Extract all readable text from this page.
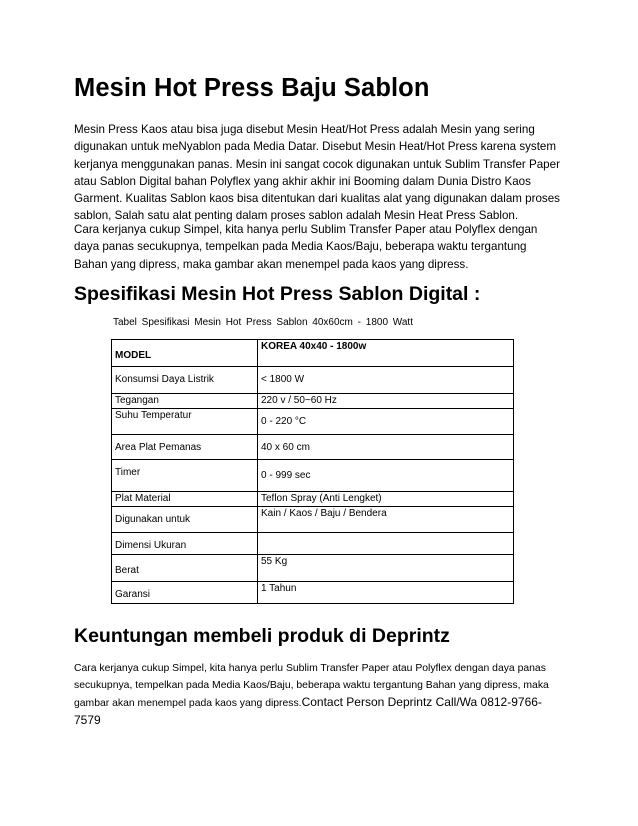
Mesin Hot Press Baju Sablon

Mesin Press Kaos atau bisa juga disebut Mesin Heat/Hot Press adalah Mesin yang sering digunakan untuk meNyablon pada Media Datar. Disebut Mesin Heat/Hot Press karena system kerjanya menggunakan panas. Mesin ini sangat cocok digunakan untuk Sublim Transfer Paper atau Sablon Digital bahan Polyflex yang akhir akhir ini Booming dalam Dunia Distro Kaos Garment. Kualitas Sablon kaos bisa ditentukan dari kualitas alat yang digunakan dalam proses sablon, Salah satu alat penting dalam proses sablon adalah Mesin Heat Press Sablon.

Cara kerjanya cukup Simpel, kita hanya perlu Sublim Transfer Paper atau Polyflex dengan daya panas secukupnya, tempelkan pada Media Kaos/Baju, beberapa waktu tergantung Bahan yang dipress, maka gambar akan menempel pada kaos yang dipress.

Spesifikasi Mesin Hot Press Sablon Digital :
Tabel Spesifikasi Mesin Hot Press Sablon 40x60cm - 1800 Watt
MODEL	KOREA 40x40 - 1800w

Konsumsi Daya Listrik	< 1800 W

Tegangan	220 v / 50~60 Hz
Suhu Temperatur	0 - 220 °C

Area Plat Pemanas	40 x 60 cm

Timer	0 - 999 sec

Plat Material	Teflon Spray (Anti Lengket)

Digunakan untuk	Kain / Kaos / Baju / Bendera

Dimensi Ukuran	

Berat	55 Kg

Garansi	1 Tahun
Keuntungan membeli produk di Deprintz

Cara kerjanya cukup Simpel, kita hanya perlu Sublim Transfer Paper atau Polyflex dengan daya panas secukupnya, tempelkan pada Media Kaos/Baju, beberapa waktu tergantung Bahan yang dipress, maka gambar akan menempel pada kaos yang dipress.Contact Person Deprintz Call/Wa 0812-9766-7579
